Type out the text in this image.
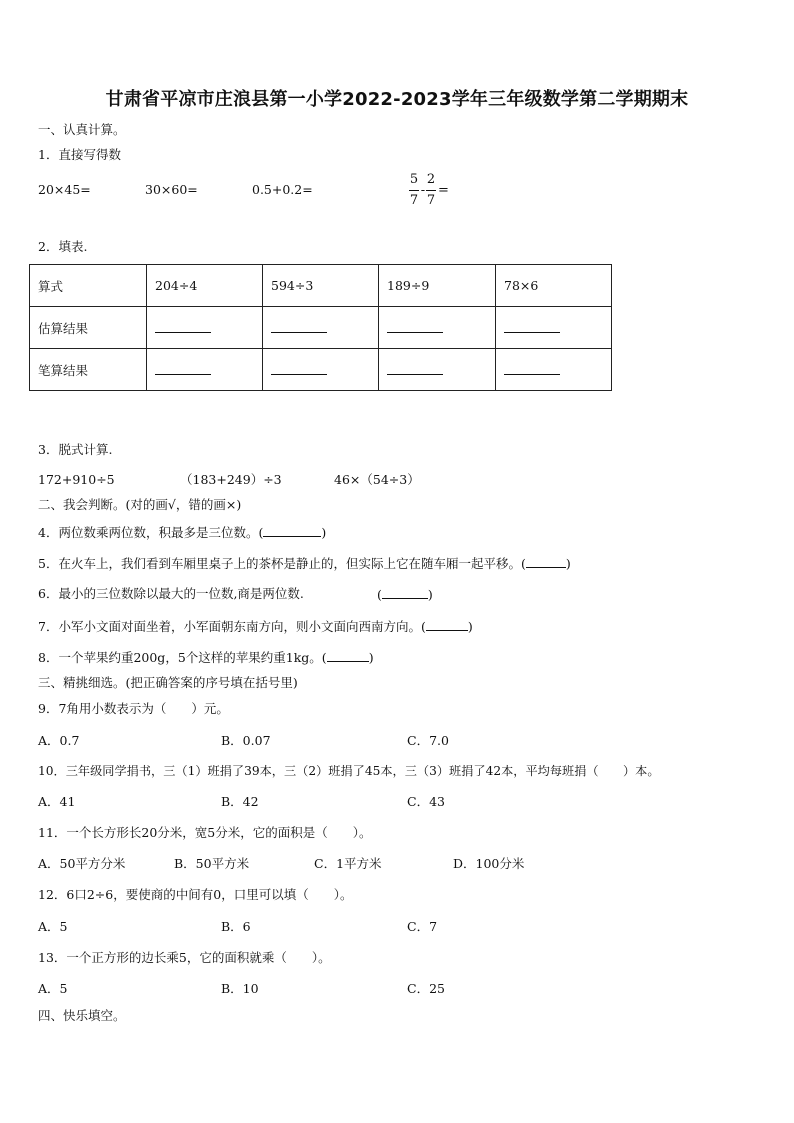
甘肃省平凉市庄浪县第一小学2022-2023学年三年级数学第二学期期末
一、认真计算。
1．直接写得数
20×45=	30×60=	0.5+0.2=
5
7
-
2
7
=
2．填表.
算式	204÷4	594÷3	189÷9	78×6
估算结果				
笔算结果				
3．脱式计算.
172+910÷5	（183+249）÷3	46×（54÷3）
二、我会判断。(对的画√，错的画×)
4．两位数乘两位数，积最多是三位数。(	)
5．在火车上，我们看到车厢里桌子上的茶杯是静止的，但实际上它在随车厢一起平移。(	)
6．最小的三位数除以最大的一位数,商是两位数.	(	)
7．小军小文面对面坐着，小军面朝东南方向，则小文面向西南方向。(	)
8．一个苹果约重200g，5个这样的苹果约重1kg。(	)
三、精挑细选。(把正确答案的序号填在括号里)
9．7角用小数表示为（　　）元。
A．0.7	B．0.07	C．7.0
10．三年级同学捐书，三（1）班捐了39本，三（2）班捐了45本，三（3）班捐了42本，平均每班捐（　　）本。
A．41	B．42	C．43
11．一个长方形长20分米，宽5分米，它的面积是（　　）。
A．50平方分米	B．50平方米	C．1平方米	D．100分米
12．6口2÷6，要使商的中间有0，口里可以填（　　）。
A．5	B．6	C．7
13．一个正方形的边长乘5，它的面积就乘（　　）。
A．5	B．10	C．25
四、快乐填空。
